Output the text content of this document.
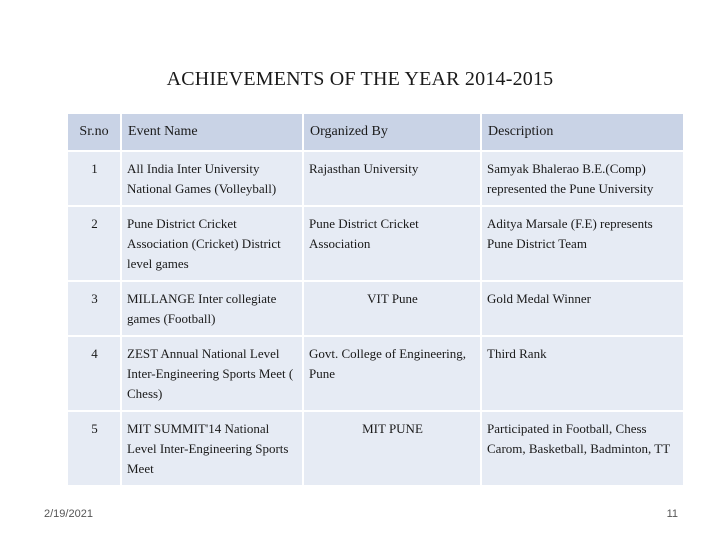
ACHIEVEMENTS OF THE YEAR 2014-2015
Sr.no	Event Name	Organized By	Description
1	All India Inter University National Games (Volleyball)	Rajasthan University	Samyak Bhalerao B.E.(Comp) represented the Pune University
2	Pune District Cricket Association (Cricket) District level games	Pune District Cricket Association	Aditya Marsale (F.E) represents Pune District Team
3	MILLANGE Inter collegiate games (Football)	VIT Pune	Gold Medal Winner
4	ZEST Annual National Level Inter-Engineering Sports Meet ( Chess)	Govt. College of Engineering, Pune	Third Rank
5	MIT SUMMIT'14 National Level Inter-Engineering Sports Meet	MIT PUNE	Participated in Football, Chess Carom, Basketball, Badminton, TT
2/19/2021	11
